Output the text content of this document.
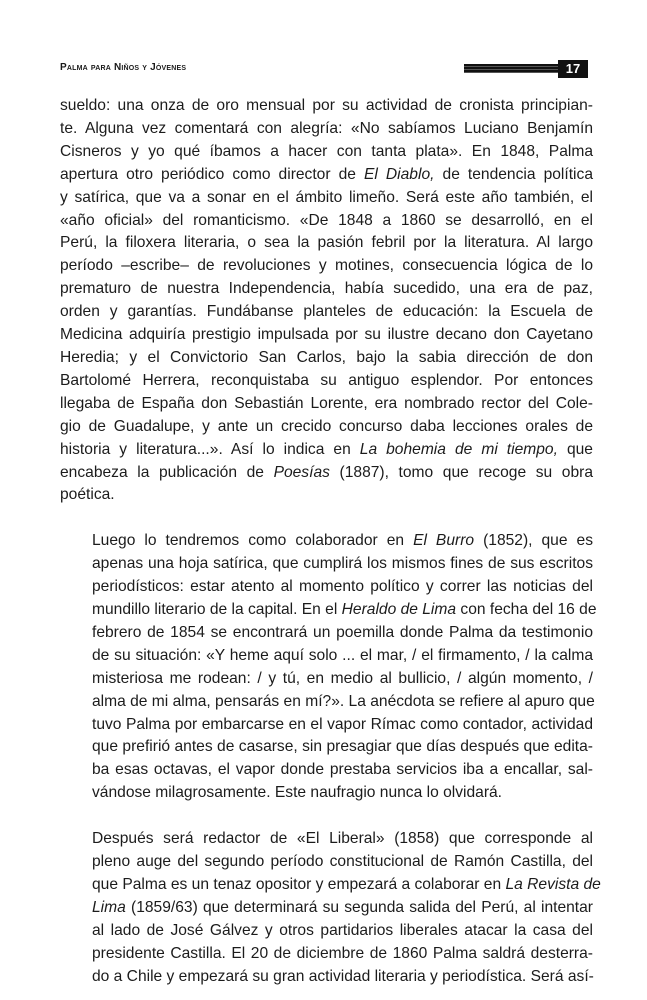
Palma para Niños y Jóvenes	17

sueldo: una onza de oro mensual por su actividad de cronista principian-
te. Alguna vez comentará con alegría: «No sabíamos Luciano Benjamín
Cisneros y yo qué íbamos a hacer con tanta plata». En 1848, Palma
apertura otro periódico como director de El Diablo, de tendencia política
y satírica, que va a sonar en el ámbito limeño. Será este año también, el
«año oficial» del romanticismo. «De 1848 a 1860 se desarrolló, en el
Perú, la filoxera literaria, o sea la pasión febril por la literatura. Al largo
período –escribe– de revoluciones y motines, consecuencia lógica de lo
prematuro de nuestra Independencia, había sucedido, una era de paz,
orden y garantías. Fundábanse planteles de educación: la Escuela de
Medicina adquiría prestigio impulsada por su ilustre decano don Cayetano
Heredia; y el Convictorio San Carlos, bajo la sabia dirección de don
Bartolomé Herrera, reconquistaba su antiguo esplendor. Por entonces
llegaba de España don Sebastián Lorente, era nombrado rector del Cole-
gio de Guadalupe, y ante un crecido concurso daba lecciones orales de
historia y literatura...». Así lo indica en La bohemia de mi tiempo, que
encabeza la publicación de Poesías (1887), tomo que recoge su obra
poética.

Luego lo tendremos como colaborador en El Burro (1852), que es
apenas una hoja satírica, que cumplirá los mismos fines de sus escritos
periodísticos: estar atento al momento político y correr las noticias del
mundillo literario de la capital. En el Heraldo de Lima con fecha del 16 de
febrero de 1854 se encontrará un poemilla donde Palma da testimonio
de su situación: «Y heme aquí solo ... el mar, / el firmamento, / la calma
misteriosa me rodean: / y tú, en medio al bullicio, / algún momento, /
alma de mi alma, pensarás en mí?». La anécdota se refiere al apuro que
tuvo Palma por embarcarse en el vapor Rímac como contador, actividad
que prefirió antes de casarse, sin presagiar que días después que edita-
ba esas octavas, el vapor donde prestaba servicios iba a encallar, sal-
vándose milagrosamente. Este naufragio nunca lo olvidará.

Después será redactor de «El Liberal» (1858) que corresponde al
pleno auge del segundo período constitucional de Ramón Castilla, del
que Palma es un tenaz opositor y empezará a colaborar en La Revista de
Lima (1859/63) que determinará su segunda salida del Perú, al intentar
al lado de José Gálvez y otros partidarios liberales atacar la casa del
presidente Castilla. El 20 de diciembre de 1860 Palma saldrá desterra-
do a Chile y empezará su gran actividad literaria y periodística. Será así-
